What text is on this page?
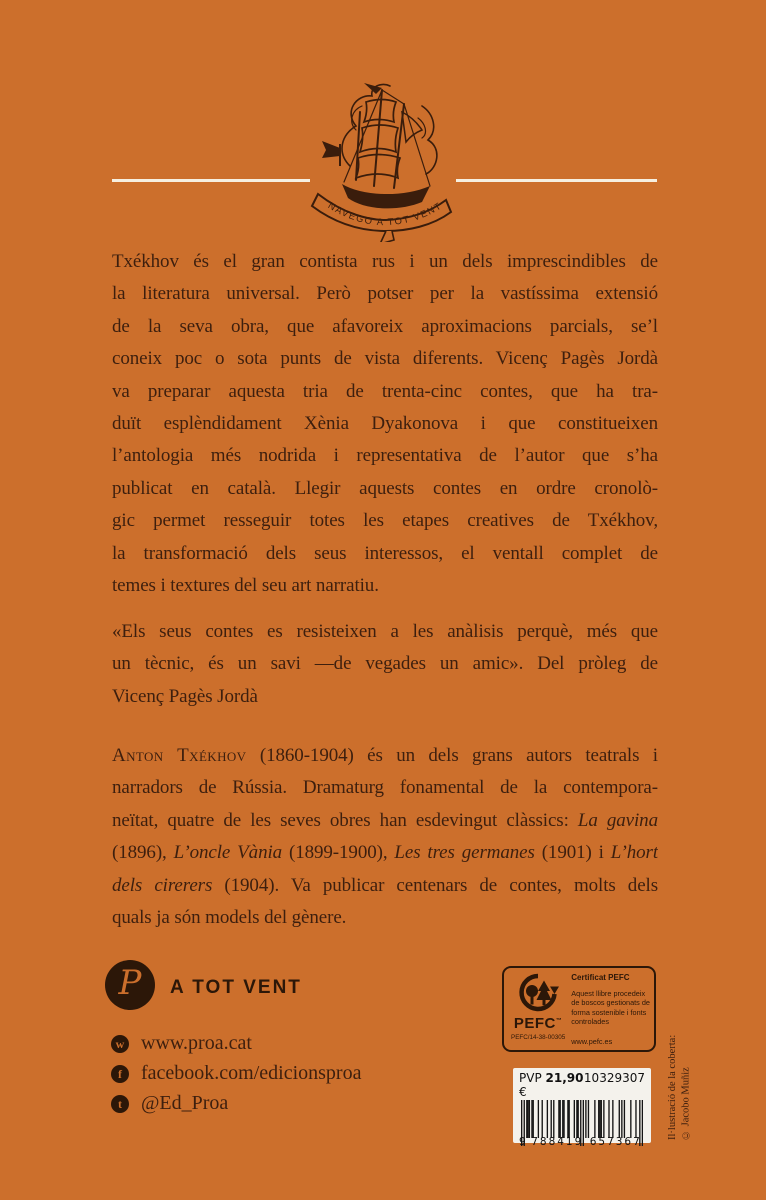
NAVEGO A TOT VENT
Txékhov és el gran contista rus i un dels imprescindibles de
la literatura universal. Però potser per la vastíssima extensió
de la seva obra, que afavoreix aproximacions parcials, se’l
coneix poc o sota punts de vista diferents. Vicenç Pagès Jordà
va preparar aquesta tria de trenta-cinc contes, que ha tra-
duït esplèndidament Xènia Dyakonova i que constitueixen
l’antologia més nodrida i representativa de l’autor que s’ha
publicat en català. Llegir aquests contes en ordre cronolò-
gic permet resseguir totes les etapes creatives de Txékhov,
la transformació dels seus interessos, el ventall complet de
temes i textures del seu art narratiu.
«Els seus contes es resisteixen a les anàlisis perquè, més que
un tècnic, és un savi —de vegades un amic». Del pròleg de
Vicenç Pagès Jordà
Anton Txékhov (1860-1904) és un dels grans autors teatrals i
narradors de Rússia. Dramaturg fonamental de la contempora-
neïtat, quatre de les seves obres han esdevingut clàssics: La gavina
(1896), L’oncle Vània (1899-1900), Les tres germanes (1901) i L’hort
dels cirerers (1904). Va publicar centenars de contes, molts dels
quals ja són models del gènere.
P A TOT VENT
w www.proa.cat
f facebook.com/edicionsproa
t @Ed_Proa
PEFC™
PEFC/14-38-00305
Certificat PEFC
Aquest llibre procedeix de boscos gestionats de forma sostenible i fonts controlades
www.pefc.es
PVP 21,90 €
10329307
9 788419 657367
Il·lustració de la coberta: © Jacobo Muñiz
